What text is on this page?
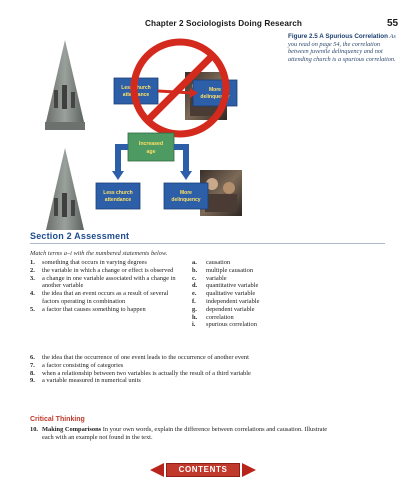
Chapter 2 Sociologists Doing Research	55
Less church
attendance
More
delinquency
Increased
age
Less church
attendance
More
delinquency
Figure 2.5 A Spurious Correlation As you read on page 54, the correlation between juvenile delinquency and not attending church is a spurious correlation.
Section 2 Assessment
Match terms a–i with the numbered statements below.
1.	something that occurs in varying degrees
2.	the variable in which a change or effect is observed
3.	a change in one variable associated with a change in another variable
4.	the idea that an event occurs as a result of several factors operating in combination
5.	a factor that causes something to happen
6.	the idea that the occurrence of one event leads to the occurrence of another event
7.	a factor consisting of categories
8.	when a relationship between two variables is actually the result of a third variable
9.	a variable measured in numerical units
a.	causation
b.	multiple causation
c.	variable
d.	quantitative variable
e.	qualitative variable
f.	independent variable
g.	dependent variable
h.	correlation
i.	spurious correlation
Critical Thinking
10. Making Comparisons In your own words, explain the difference between correlations and causation. Illustrate each with an example not found in the text.
CONTENTS
